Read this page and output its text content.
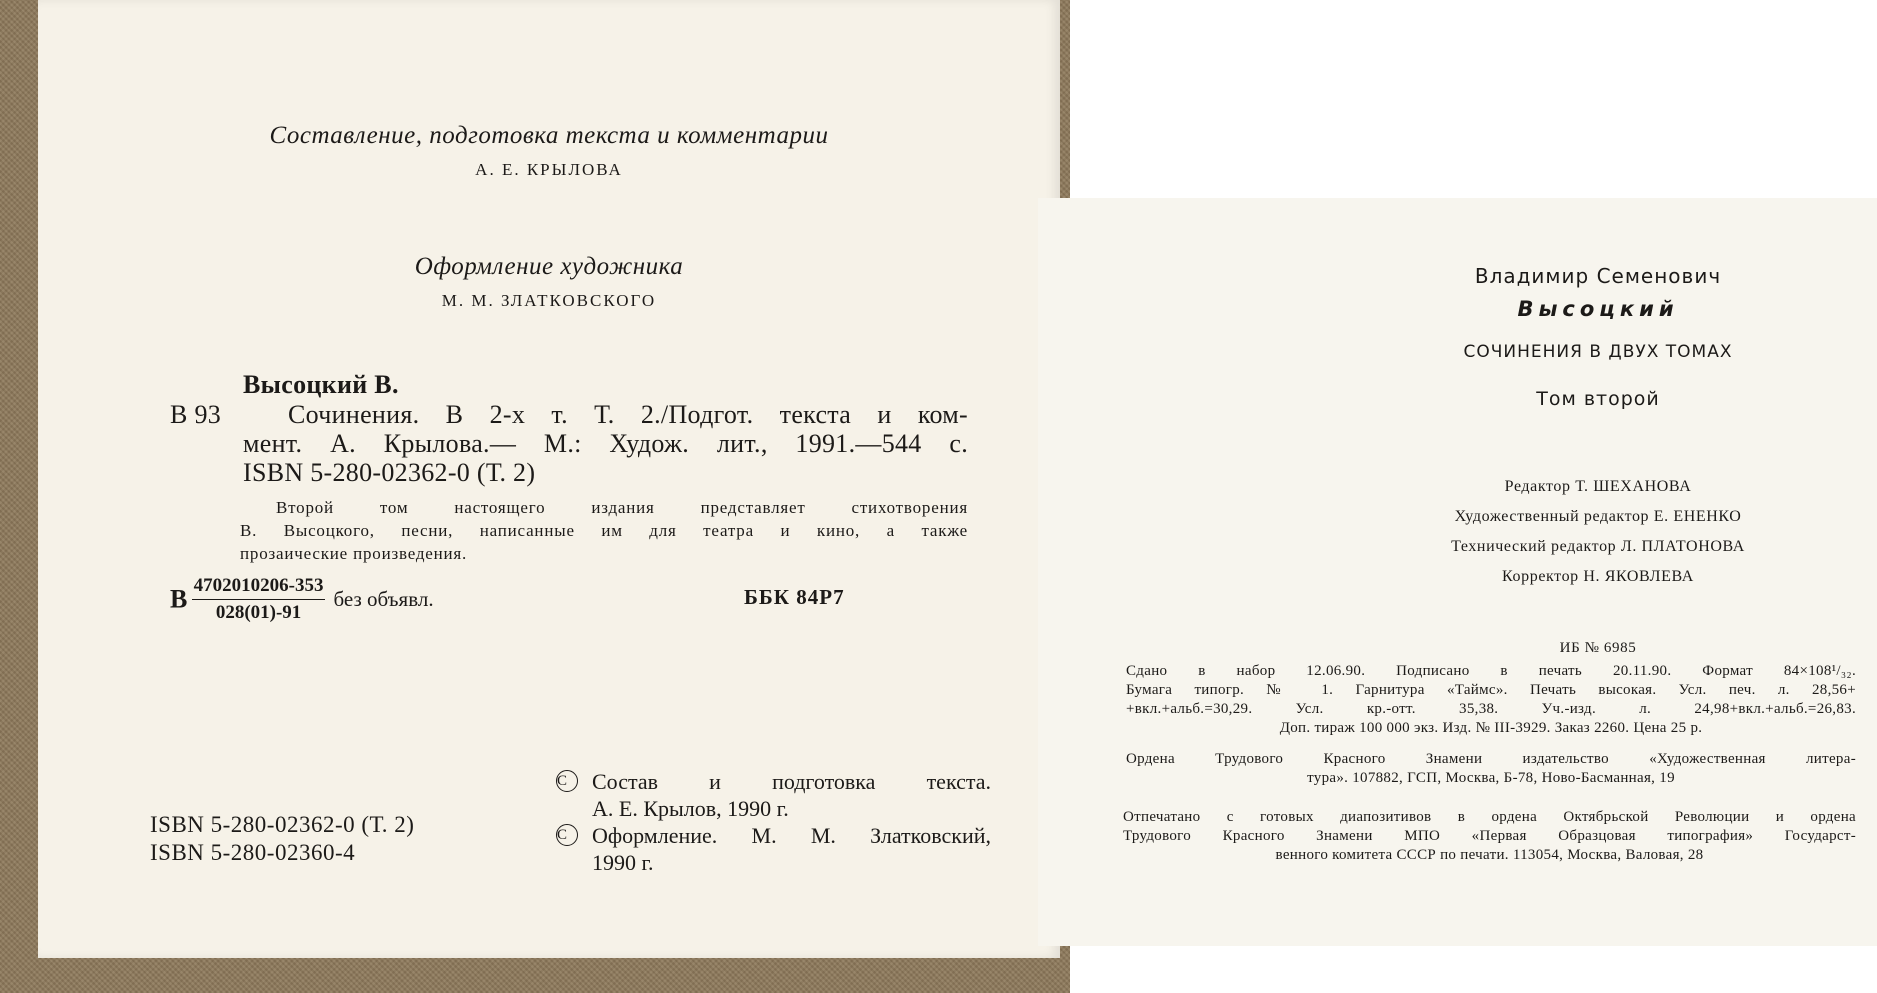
Составление, подготовка текста и комментарии
А. Е. КРЫЛОВА
Оформление художника
М. М. ЗЛАТКОВСКОГО
Высоцкий В.
В 93	Сочинения. В 2-х т. Т. 2./Подгот. текста и ком-
мент. А. Крылова.— М.: Худож. лит., 1991.—544 с.
ISBN 5-280-02362-0 (Т. 2)
Второй том настоящего издания представляет стихотворения
В. Высоцкого, песни, написанные им для театра и кино, а также
прозаические произведения.
В $\frac{4702010206-353}{028(01)-91}$ без объявл.	ББК 84Р7
ISBN 5-280-02362-0 (Т. 2)
ISBN 5-280-02360-4
C	Состав и подготовка текста.
А. Е. Крылов, 1990 г.
C	Оформление. М. М. Златковский,
1990 г.
Владимир Семенович
Высоцкий
СОЧИНЕНИЯ В ДВУХ ТОМАХ
Том второй
Редактор Т. ШЕХАНОВА
Художественный редактор Е. ЕНЕНКО
Технический редактор Л. ПЛАТОНОВА
Корректор Н. ЯКОВЛЕВА
ИБ № 6985
Сдано в набор 12.06.90. Подписано в печать 20.11.90. Формат 84×108¹/₃₂.
Бумага типогр. № 1. Гарнитура «Таймс». Печать высокая. Усл. печ. л. 28,56+
+вкл.+альб.=30,29. Усл. кр.-отт. 35,38. Уч.-изд. л. 24,98+вкл.+альб.=26,83.
Доп. тираж 100 000 экз. Изд. № III-3929. Заказ 2260. Цена 25 р.
Ордена Трудового Красного Знамени издательство «Художественная литера-
тура». 107882, ГСП, Москва, Б-78, Ново-Басманная, 19
Отпечатано с готовых диапозитивов в ордена Октябрьской Революции и ордена
Трудового Красного Знамени МПО «Первая Образцовая типография» Государст-
венного комитета СССР по печати. 113054, Москва, Валовая, 28
